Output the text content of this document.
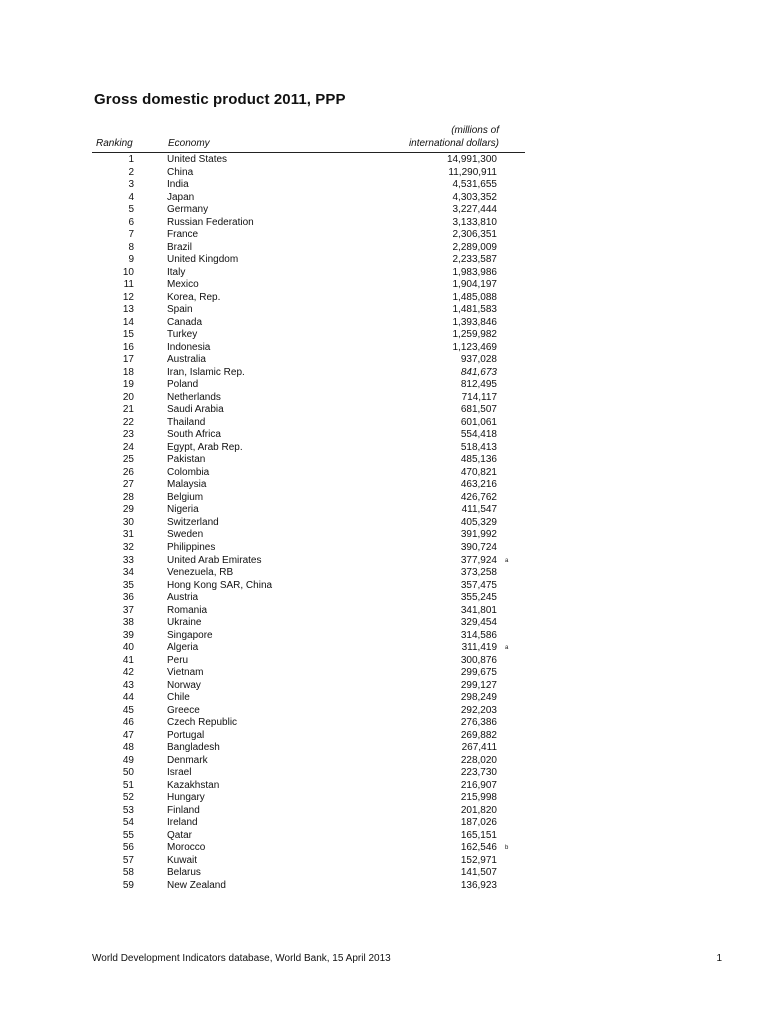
Gross domestic product 2011, PPP
Ranking	Economy
(millions of
international dollars)
1	United States	14,991,300
2	China	11,290,911
3	India	4,531,655
4	Japan	4,303,352
5	Germany	3,227,444
6	Russian Federation	3,133,810
7	France	2,306,351
8	Brazil	2,289,009
9	United Kingdom	2,233,587
10	Italy	1,983,986
11	Mexico	1,904,197
12	Korea, Rep.	1,485,088
13	Spain	1,481,583
14	Canada	1,393,846
15	Turkey	1,259,982
16	Indonesia	1,123,469
17	Australia	937,028
18	Iran, Islamic Rep.	841,673
19	Poland	812,495
20	Netherlands	714,117
21	Saudi Arabia	681,507
22	Thailand	601,061
23	South Africa	554,418
24	Egypt, Arab Rep.	518,413
25	Pakistan	485,136
26	Colombia	470,821
27	Malaysia	463,216
28	Belgium	426,762
29	Nigeria	411,547
30	Switzerland	405,329
31	Sweden	391,992
32	Philippines	390,724
33	United Arab Emirates	377,924 a
34	Venezuela, RB	373,258
35	Hong Kong SAR, China	357,475
36	Austria	355,245
37	Romania	341,801
38	Ukraine	329,454
39	Singapore	314,586
40	Algeria	311,419 a
41	Peru	300,876
42	Vietnam	299,675
43	Norway	299,127
44	Chile	298,249
45	Greece	292,203
46	Czech Republic	276,386
47	Portugal	269,882
48	Bangladesh	267,411
49	Denmark	228,020
50	Israel	223,730
51	Kazakhstan	216,907
52	Hungary	215,998
53	Finland	201,820
54	Ireland	187,026
55	Qatar	165,151
56	Morocco	162,546 b
57	Kuwait	152,971
58	Belarus	141,507
59	New Zealand	136,923
World Development Indicators database, World Bank, 15 April 2013	1
